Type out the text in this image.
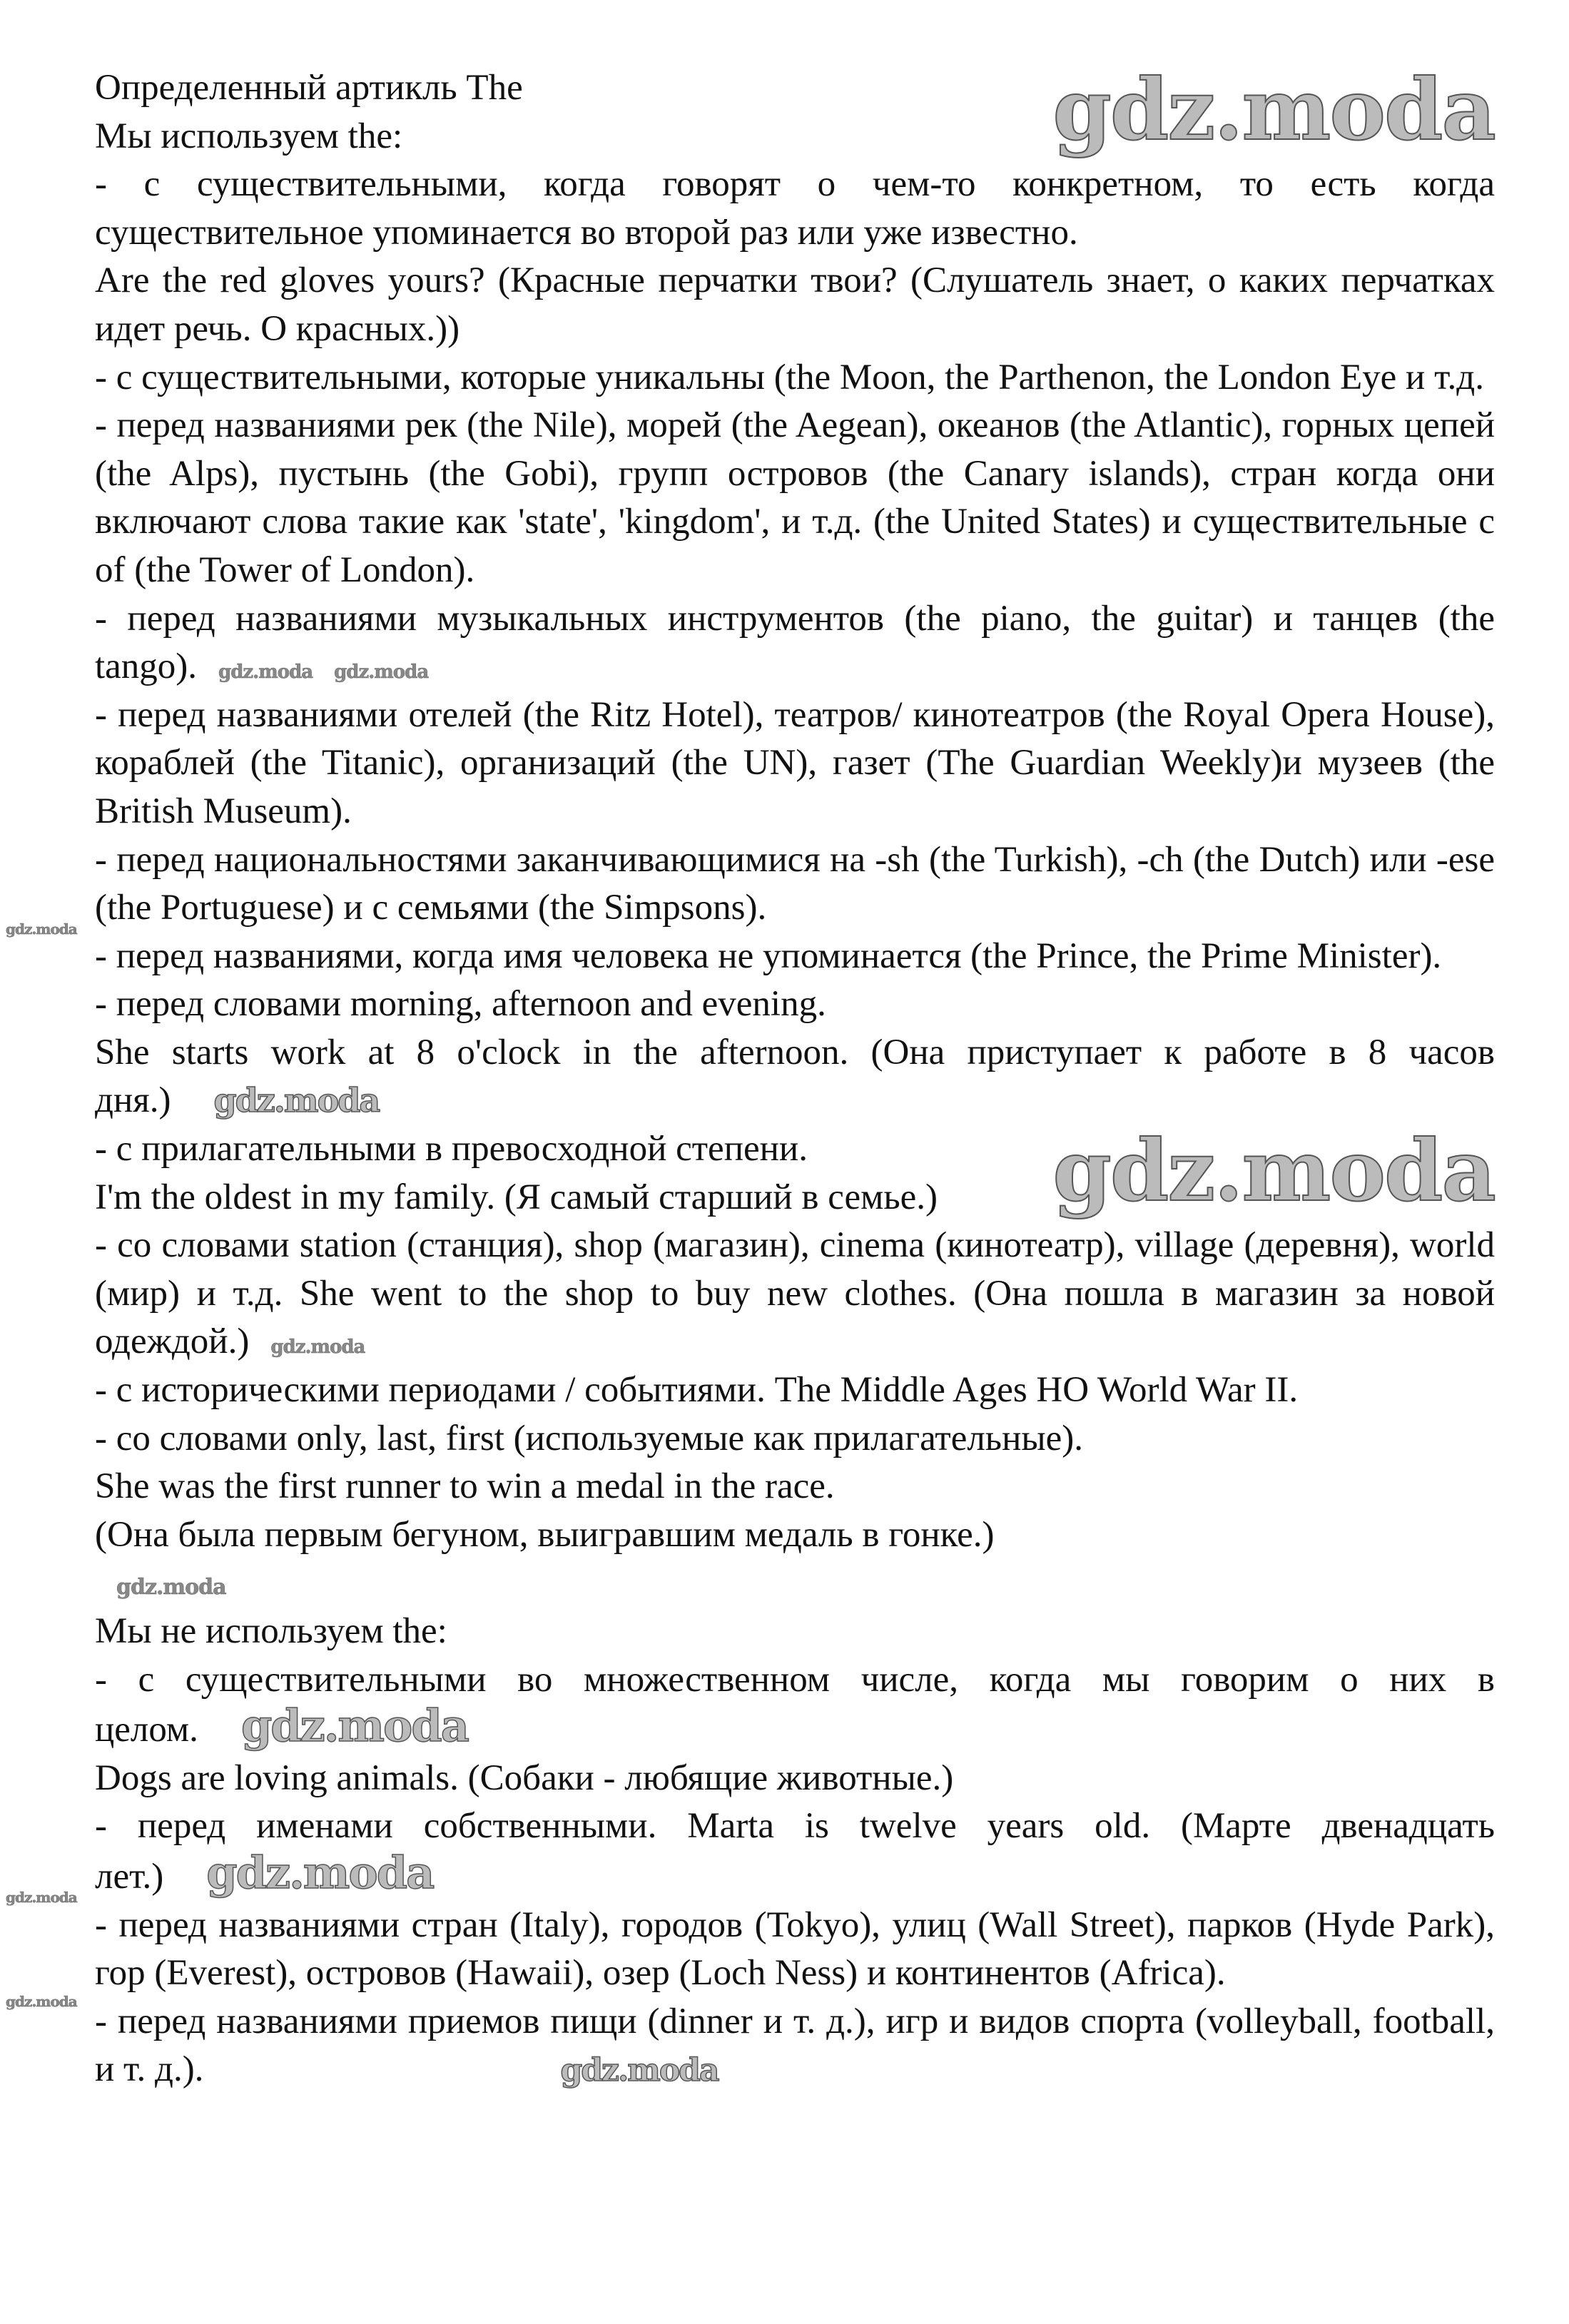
gdz.moda

Определенный артикль The

Мы используем the:

- с существительными, когда говорят о чем-то конкретном, то есть когда существительное упоминается во второй раз или уже известно.

Are the red gloves yours? (Красные перчатки твои? (Слушатель знает, о каких перчатках идет речь. О красных.))

- с существительными, которые уникальны (the Moon, the Parthenon, the London Eye и т.д.

- перед названиями рек (the Nile), морей (the Aegean), океанов (the Atlantic), горных цепей (the Alps), пустынь (the Gobi), групп островов (the Canary islands), стран когда они включают слова такие как 'state', 'kingdom', и т.д. (the United States) и существительные с of (the Tower of London).

- перед названиями музыкальных инструментов (the piano, the guitar) и танцев (the tango). gdz.moda gdz.moda

- перед названиями отелей (the Ritz Hotel), театров/ кинотеатров (the Royal Opera House), кораблей (the Titanic), организаций (the UN), газет (The Guardian Weekly)и музеев (the British Museum).

- перед национальностями заканчивающимися на -sh (the Turkish), -ch (the Dutch) или -ese (the Portuguese) и с семьями (the Simpsons).

- перед названиями, когда имя человека не упоминается (the Prince, the Prime Minister).

- перед словами morning, afternoon and evening.

She starts work at 8 o'clock in the afternoon. (Она приступает к работе в 8 часов дня.) gdz.moda

gdz.moda

- с прилагательными в превосходной степени.

I'm the oldest in my family. (Я самый старший в семье.)

- со словами station (станция), shop (магазин), cinema (кинотеатр), village (деревня), world (мир) и т.д. She went to the shop to buy new clothes. (Она пошла в магазин за новой одеждой.) gdz.moda

- с историческими периодами / событиями. The Middle Ages HO World War II.

- со словами only, last, first (используемые как прилагательные).

She was the first runner to win a medal in the race.

(Она была первым бегуном, выигравшим медаль в гонке.)

gdz.moda

Мы не используем the:

- с существительными во множественном числе, когда мы говорим о них в целом. gdz.moda

Dogs are loving animals. (Собаки - любящие животные.)

- перед именами собственными. Marta is twelve years old. (Марте двенадцать лет.) gdz.moda

- перед названиями стран (Italy), городов (Tokyo), улиц (Wall Street), парков (Hyde Park), гор (Everest), островов (Hawaii), озер (Loch Ness) и континентов (Africa).

- перед названиями приемов пищи (dinner и т. д.), игр и видов спорта (volleyball, football, и т. д.).	gdz.moda

gdz.moda
gdz.moda
gdz.moda
